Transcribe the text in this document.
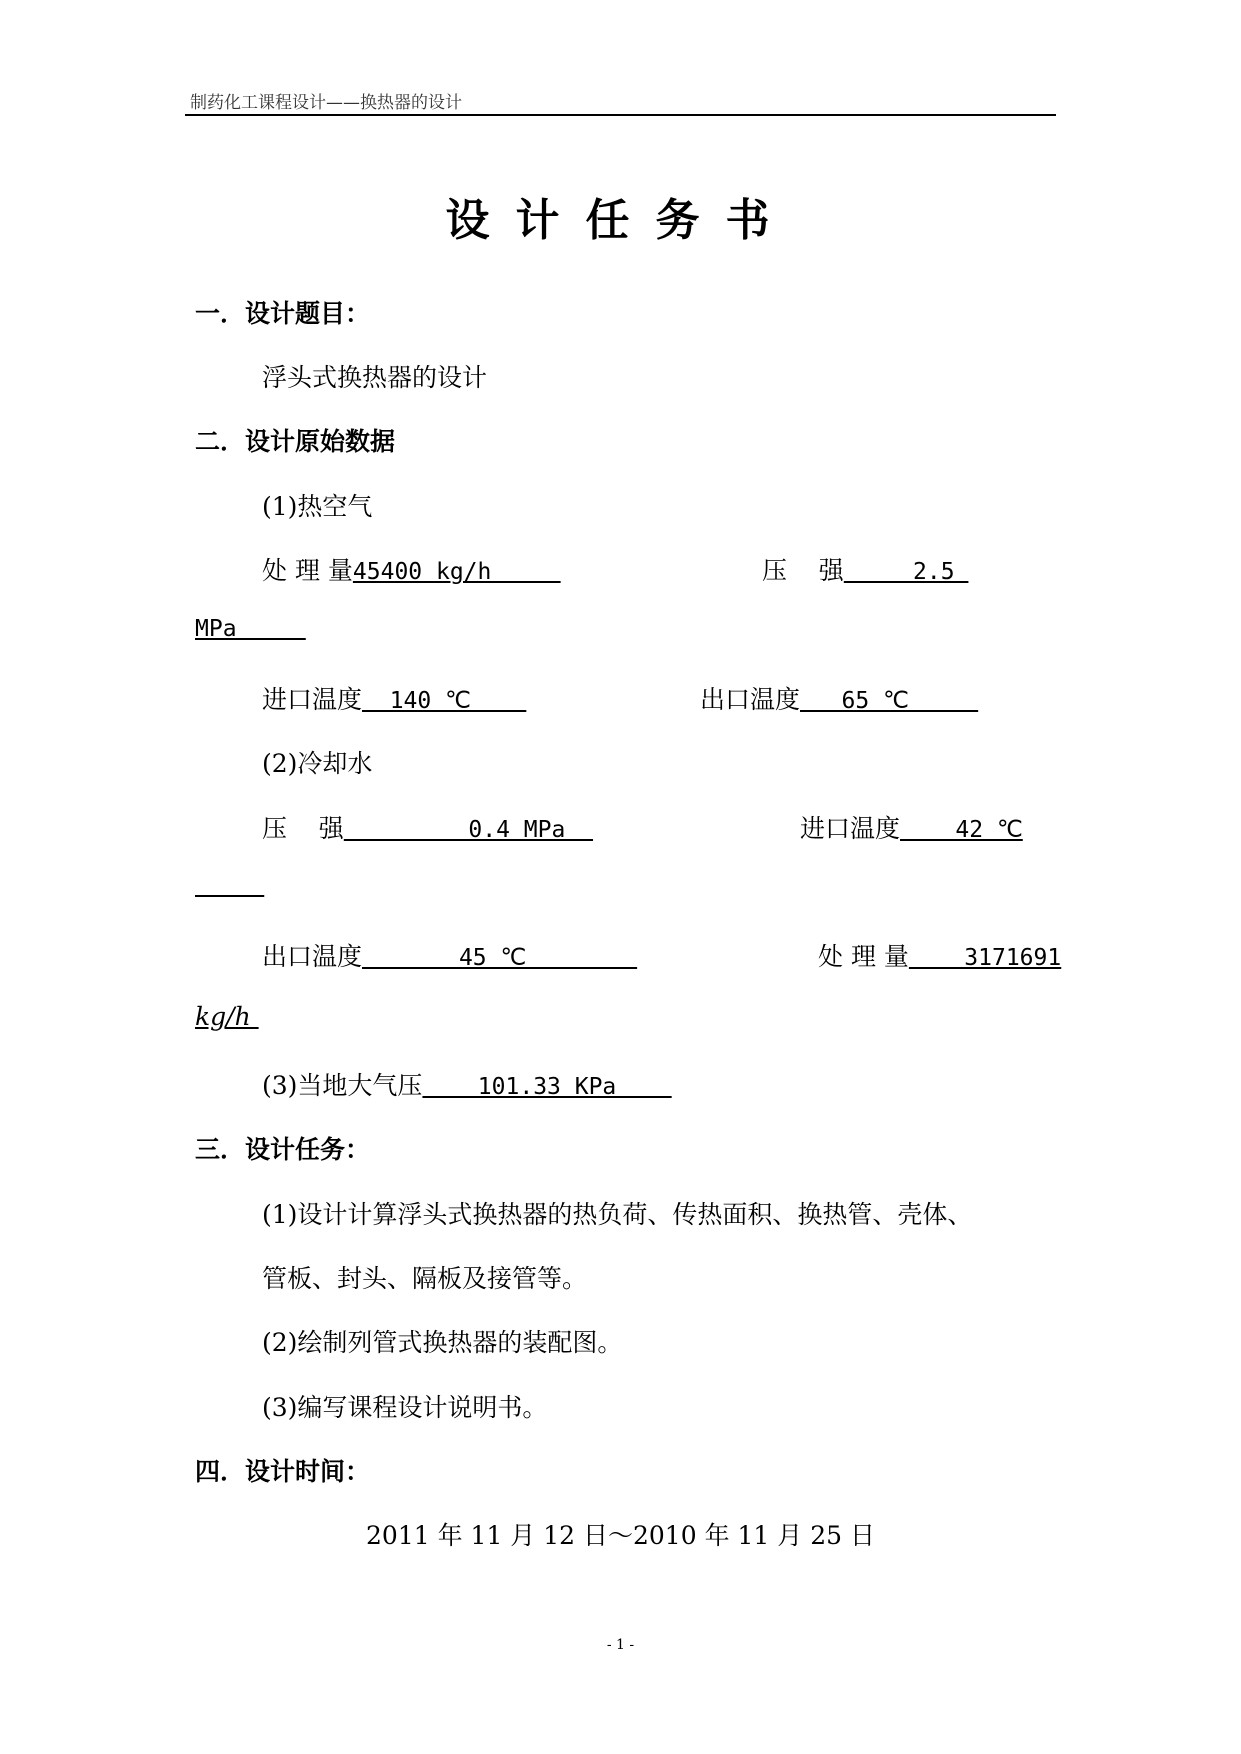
制药化工课程设计——换热器的设计
设计任务书
一．设计题目：
浮头式换热器的设计
二．设计原始数据
(1)热空气
处 理 量45400 kg/h	压    强     2.5
MPa
进口温度  140 ℃	出口温度   65 ℃
(2)冷却水
压    强         0.4 MPa	进口温度    42 ℃

出口温度       45 ℃	处 理 量    3171691
kg/h
(3)当地大气压    101.33 KPa
三．设计任务：
(1)设计计算浮头式换热器的热负荷、传热面积、换热管、壳体、
管板、封头、隔板及接管等。
(2)绘制列管式换热器的装配图。
(3)编写课程设计说明书。
四．设计时间：
2011 年 11 月 12 日～2010 年 11 月 25 日
- 1 -
